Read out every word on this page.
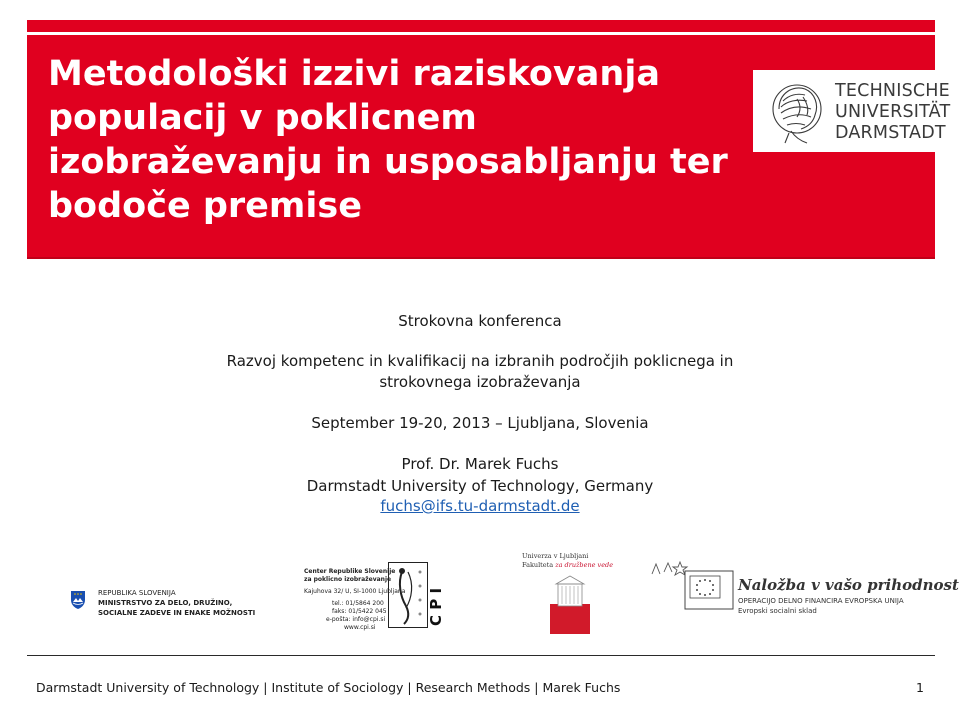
Metodološki izzivi raziskovanja populacij v poklicnem izobraževanju in usposabljanju ter bodoče premise
TECHNISCHE
UNIVERSITÄT
DARMSTADT
Strokovna konferenca
Razvoj kompetenc in kvalifikacij na izbranih področjih poklicnega in
strokovnega izobraževanja
September 19-20, 2013 – Ljubljana, Slovenia
Prof. Dr. Marek Fuchs
Darmstadt University of Technology, Germany
fuchs@ifs.tu-darmstadt.de
REPUBLIKA SLOVENIJA
MINISTRSTVO ZA DELO, DRUŽINO,
SOCIALNE ZADEVE IN ENAKE MOŽNOSTI
Center Republike Slovenije
za poklicno izobraževanje
Kajuhova 32/ U, SI-1000 Ljubljana
tel.: 01/5864 200
faks: 01/5422 045
e-pošta: info@cpi.si
www.cpi.si
C P I
Univerza v Ljubljani
Fakulteta za družbene vede
Naložba v vašo prihodnost
OPERACIJO DELNO FINANCIRA EVROPSKA UNIJA
Evropski socialni sklad
Darmstadt University of Technology | Institute of Sociology | Research Methods | Marek Fuchs	1
